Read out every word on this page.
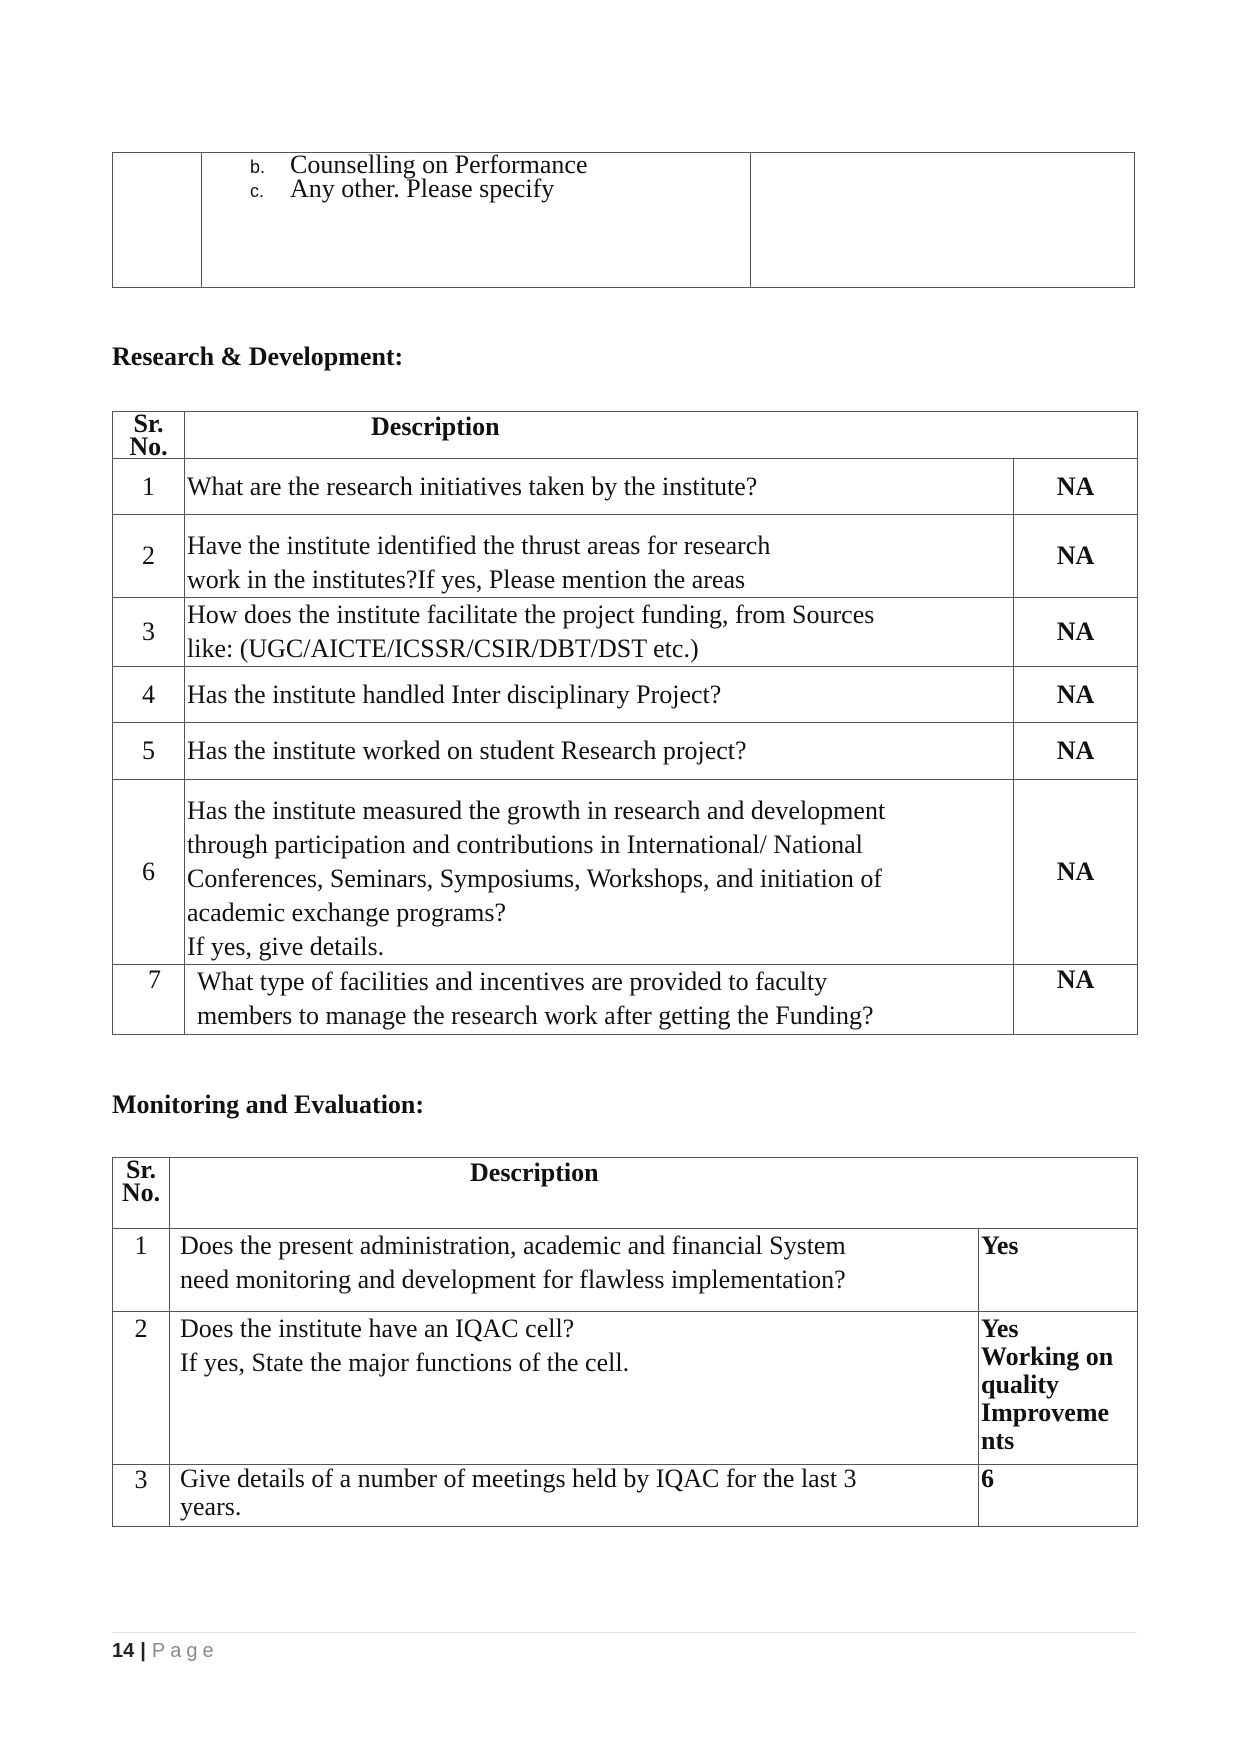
b. Counselling on Performance
c. Any other. Please specify

Research & Development:
Sr. No.	Description	

1	What are the research initiatives taken by the institute?	NA
2	Have the institute identified the thrust areas for research
work in the institutes?If yes, Please mention the areas	NA
3	How does the institute facilitate the project funding, from Sources
like: (UGC/AICTE/ICSSR/CSIR/DBT/DST etc.)	NA
4	Has the institute handled Inter disciplinary Project?	NA
5	Has the institute worked on student Research project?	NA
6	Has the institute measured the growth in research and development
through participation and contributions in International/ National
Conferences, Seminars, Symposiums, Workshops, and initiation of
academic exchange programs?
If yes, give details.	NA
7	What type of facilities and incentives are provided to faculty
members to manage the research work after getting the Funding?	NA
Monitoring and Evaluation:
Sr. No.	Description	

1	Does the present administration, academic and financial System
need monitoring and development for flawless implementation?	Yes

2	Does the institute have an IQAC cell?
If yes, State the major functions of the cell.	Yes
Working on
quality
Improveme
nts

3	Give details of a number of meetings held by IQAC for the last 3
years.	6
14 | Page
